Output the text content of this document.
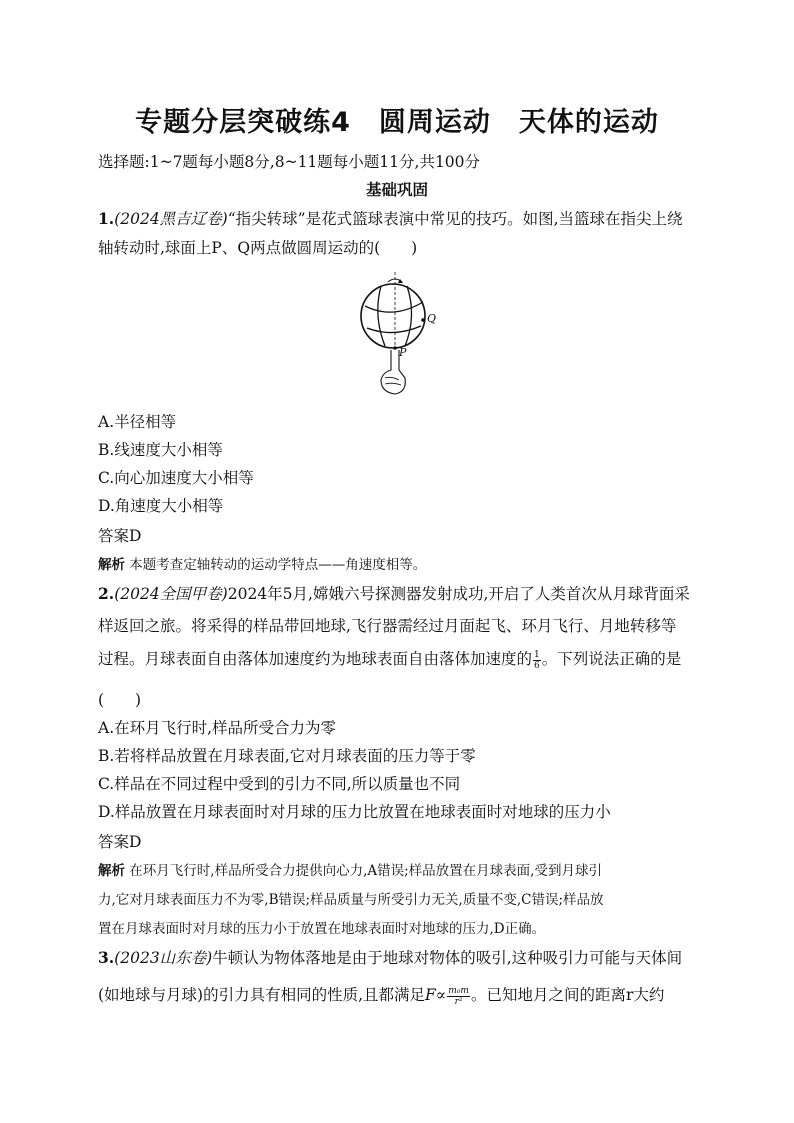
专题分层突破练4　圆周运动　天体的运动
选择题:1~7题每小题8分,8~11题每小题11分,共100分
基础巩固
1.(2024黑吉辽卷)“指尖转球”是花式篮球表演中常见的技巧。如图,当篮球在指尖上绕
轴转动时,球面上P、Q两点做圆周运动的(　　)
Q
P
A.半径相等
B.线速度大小相等
C.向心加速度大小相等
D.角速度大小相等
答案D
解析 本题考查定轴转动的运动学特点——角速度相等。
2.(2024全国甲卷)2024年5月,嫦娥六号探测器发射成功,开启了人类首次从月球背面采
样返回之旅。将采得的样品带回地球,飞行器需经过月面起飞、环月飞行、月地转移等
过程。月球表面自由落体加速度约为地球表面自由落体加速度的 $\frac{1}{6}$ 。下列说法正确的是
(　　)
A.在环月飞行时,样品所受合力为零
B.若将样品放置在月球表面,它对月球表面的压力等于零
C.样品在不同过程中受到的引力不同,所以质量也不同
D.样品放置在月球表面时对月球的压力比放置在地球表面时对地球的压力小
答案D
解析 在环月飞行时,样品所受合力提供向心力,A错误;样品放置在月球表面,受到月球引
力,它对月球表面压力不为零,B错误;样品质量与所受引力无关,质量不变,C错误;样品放
置在月球表面时对月球的压力小于放置在地球表面时对地球的压力,D正确。
3.(2023山东卷)牛顿认为物体落地是由于地球对物体的吸引,这种吸引力可能与天体间
(如地球与月球)的引力具有相同的性质,且都满足$F\propto \frac{\text{m₀m}}{\text{r²}}$ 。已知地月之间的距离r大约
